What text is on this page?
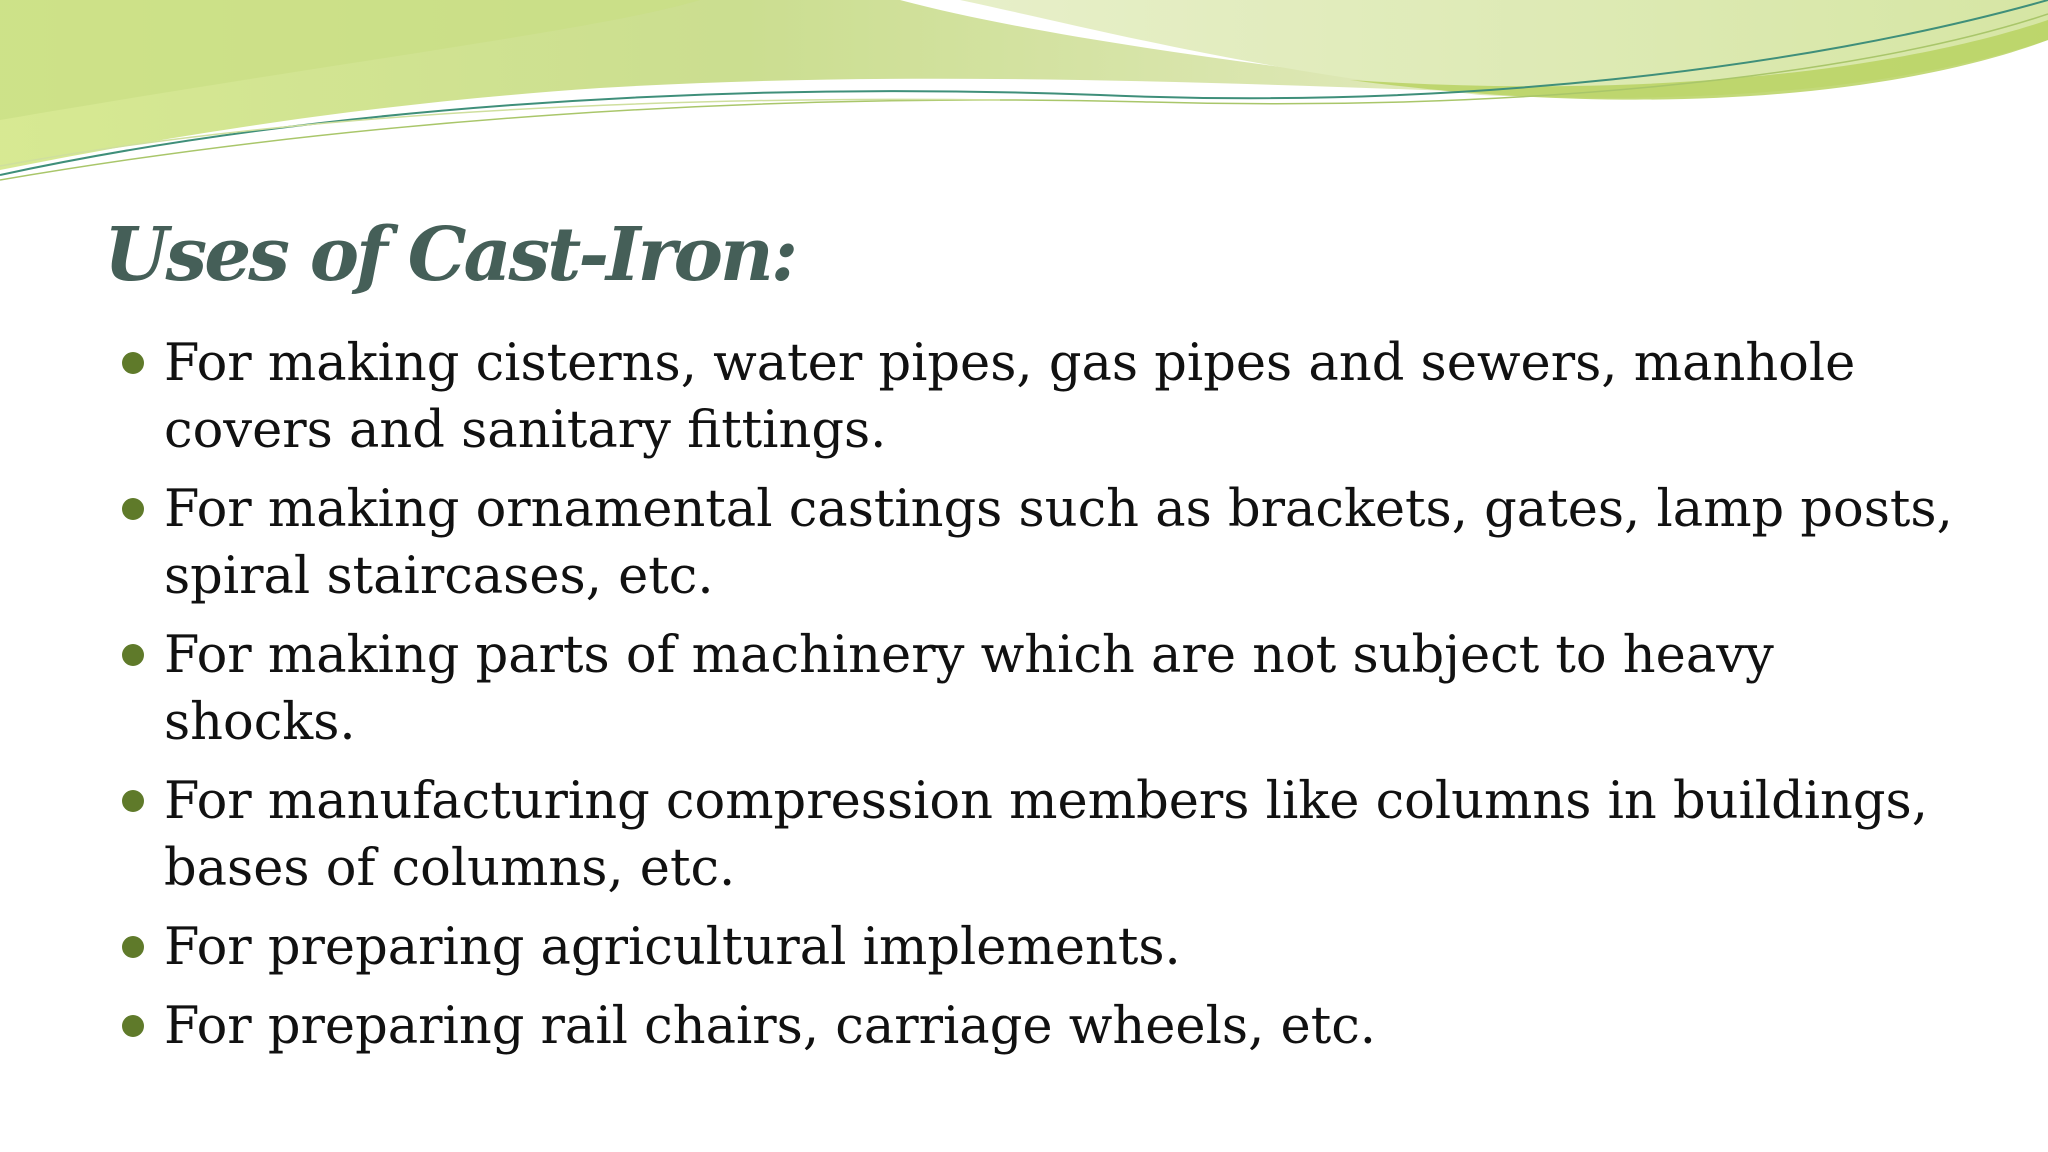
Uses of Cast-Iron:
For making cisterns, water pipes, gas pipes and sewers, manhole covers and sanitary fittings.
For making ornamental castings such as brackets, gates, lamp posts, spiral staircases, etc.
For making parts of machinery which are not subject to heavy shocks.
For manufacturing compression members like columns in buildings, bases of columns, etc.
For preparing agricultural implements.
For preparing rail chairs, carriage wheels, etc.
